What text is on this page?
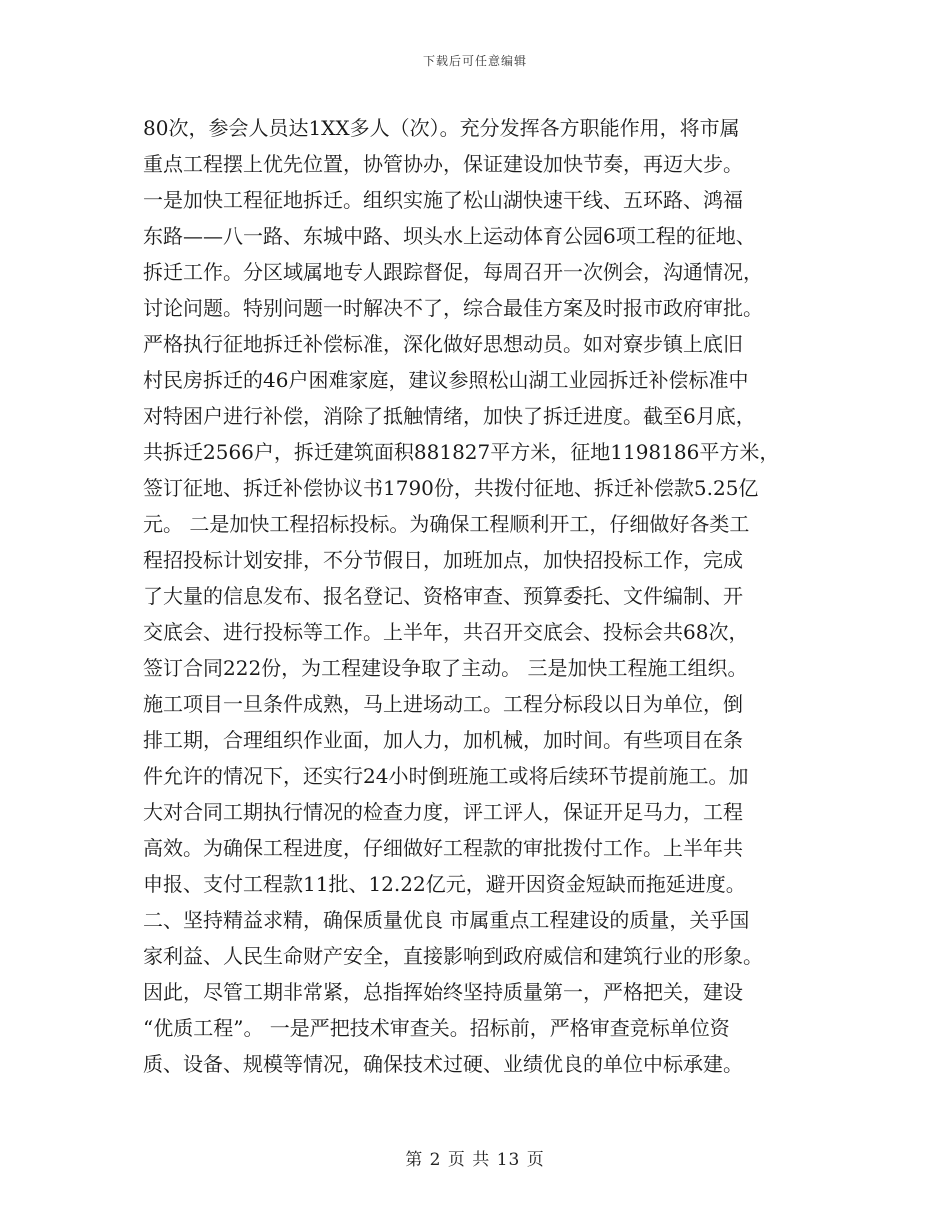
下载后可任意编辑
80次，参会人员达1XX多人（次）。充分发挥各方职能作用，将市属
重点工程摆上优先位置，协管协办，保证建设加快节奏，再迈大步。
一是加快工程征地拆迁。组织实施了松山湖快速干线、五环路、鸿福
东路——八一路、东城中路、坝头水上运动体育公园6项工程的征地、
拆迁工作。分区域属地专人跟踪督促，每周召开一次例会，沟通情况，
讨论问题。特别问题一时解决不了，综合最佳方案及时报市政府审批。
严格执行征地拆迁补偿标准，深化做好思想动员。如对寮步镇上底旧
村民房拆迁的46户困难家庭，建议参照松山湖工业园拆迁补偿标准中
对特困户进行补偿，消除了抵触情绪，加快了拆迁进度。截至6月底，
共拆迁2566户，拆迁建筑面积881827平方米，征地1198186平方米，
签订征地、拆迁补偿协议书1790份，共拨付征地、拆迁补偿款5.25亿
元。 二是加快工程招标投标。为确保工程顺利开工，仔细做好各类工
程招投标计划安排，不分节假日，加班加点，加快招投标工作，完成
了大量的信息发布、报名登记、资格审查、预算委托、文件编制、开
交底会、进行投标等工作。上半年，共召开交底会、投标会共68次，
签订合同222份，为工程建设争取了主动。 三是加快工程施工组织。
施工项目一旦条件成熟，马上进场动工。工程分标段以日为单位，倒
排工期，合理组织作业面，加人力，加机械，加时间。有些项目在条
件允许的情况下，还实行24小时倒班施工或将后续环节提前施工。加
大对合同工期执行情况的检查力度，评工评人，保证开足马力，工程
高效。为确保工程进度，仔细做好工程款的审批拨付工作。上半年共
申报、支付工程款11批、12.22亿元，避开因资金短缺而拖延进度。
二、坚持精益求精，确保质量优良 市属重点工程建设的质量，关乎国
家利益、人民生命财产安全，直接影响到政府威信和建筑行业的形象。
因此，尽管工期非常紧，总指挥始终坚持质量第一，严格把关，建设
“优质工程”。 一是严把技术审查关。招标前，严格审查竞标单位资
质、设备、规模等情况，确保技术过硬、业绩优良的单位中标承建。
第 2 页 共 13 页
